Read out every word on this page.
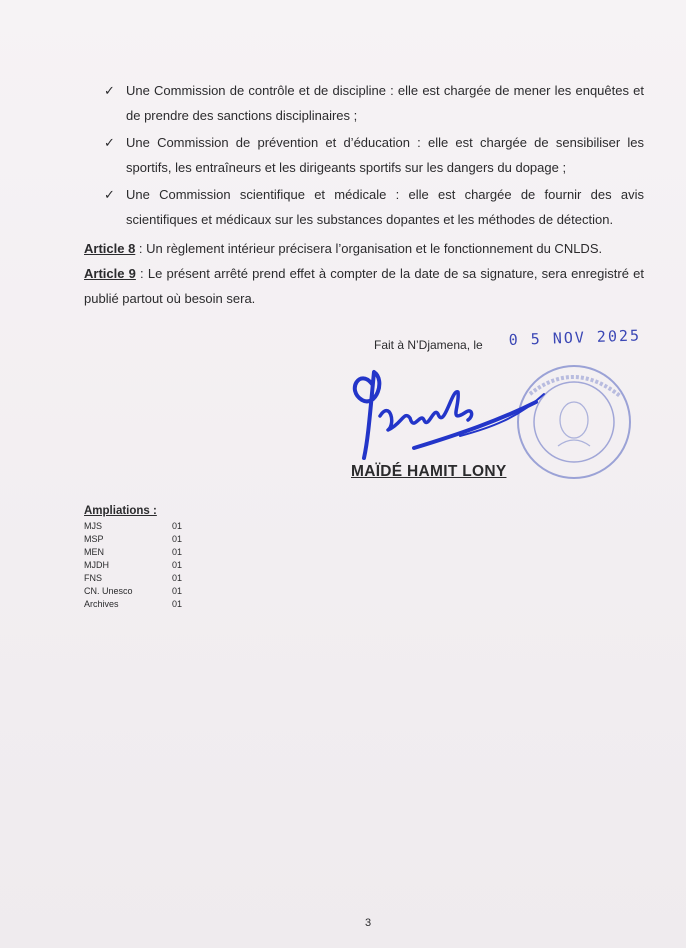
✓ Une Commission de contrôle et de discipline : elle est chargée de mener les enquêtes et de prendre des sanctions disciplinaires ;
✓ Une Commission de prévention et d’éducation : elle est chargée de sensibiliser les sportifs, les entraîneurs et les dirigeants sportifs sur les dangers du dopage ;
✓ Une Commission scientifique et médicale : elle est chargée de fournir des avis scientifiques et médicaux sur les substances dopantes et les méthodes de détection.
Article 8 : Un règlement intérieur précisera l’organisation et le fonctionnement du CNLDS.
Article 9 : Le présent arrêté prend effet à compter de la date de sa signature, sera enregistré et publié partout où besoin sera.
Fait à N’Djamena, le 0 5 NOV 2025
MAÏDÉ HAMIT LONY
Ampliations :
MJS	01
MSP	01
MEN	01
MJDH	01
FNS	01
CN. Unesco	01
Archives	01
3
